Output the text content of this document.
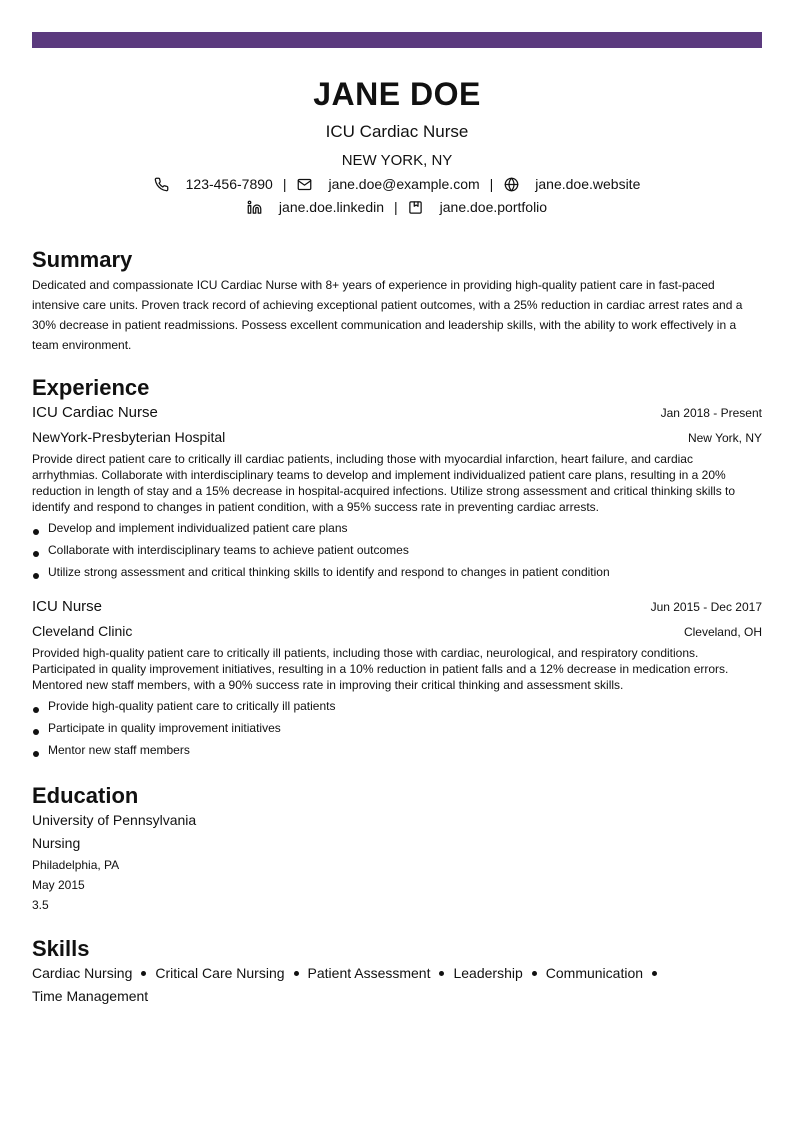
JANE DOE
ICU Cardiac Nurse
NEW YORK, NY
123-456-7890 |	jane.doe@example.com |	jane.doe.website
jane.doe.linkedin |	jane.doe.portfolio
Summary
Dedicated and compassionate ICU Cardiac Nurse with 8+ years of experience in providing high-quality patient care in fast-paced intensive care units. Proven track record of achieving exceptional patient outcomes, with a 25% reduction in cardiac arrest rates and a 30% decrease in patient readmissions. Possess excellent communication and leadership skills, with the ability to work effectively in a team environment.
Experience
ICU Cardiac Nurse	Jan 2018 - Present
NewYork-Presbyterian Hospital	New York, NY
Provide direct patient care to critically ill cardiac patients, including those with myocardial infarction, heart failure, and cardiac arrhythmias. Collaborate with interdisciplinary teams to develop and implement individualized patient care plans, resulting in a 20% reduction in length of stay and a 15% decrease in hospital-acquired infections. Utilize strong assessment and critical thinking skills to identify and respond to changes in patient condition, with a 95% success rate in preventing cardiac arrests.
Develop and implement individualized patient care plans
Collaborate with interdisciplinary teams to achieve patient outcomes
Utilize strong assessment and critical thinking skills to identify and respond to changes in patient condition
ICU Nurse	Jun 2015 - Dec 2017
Cleveland Clinic	Cleveland, OH
Provided high-quality patient care to critically ill patients, including those with cardiac, neurological, and respiratory conditions. Participated in quality improvement initiatives, resulting in a 10% reduction in patient falls and a 12% decrease in medication errors. Mentored new staff members, with a 90% success rate in improving their critical thinking and assessment skills.
Provide high-quality patient care to critically ill patients
Participate in quality improvement initiatives
Mentor new staff members
Education
University of Pennsylvania
Nursing
Philadelphia, PA
May 2015
3.5
Skills
Cardiac Nursing Critical Care Nursing Patient Assessment Leadership Communication
Time Management
